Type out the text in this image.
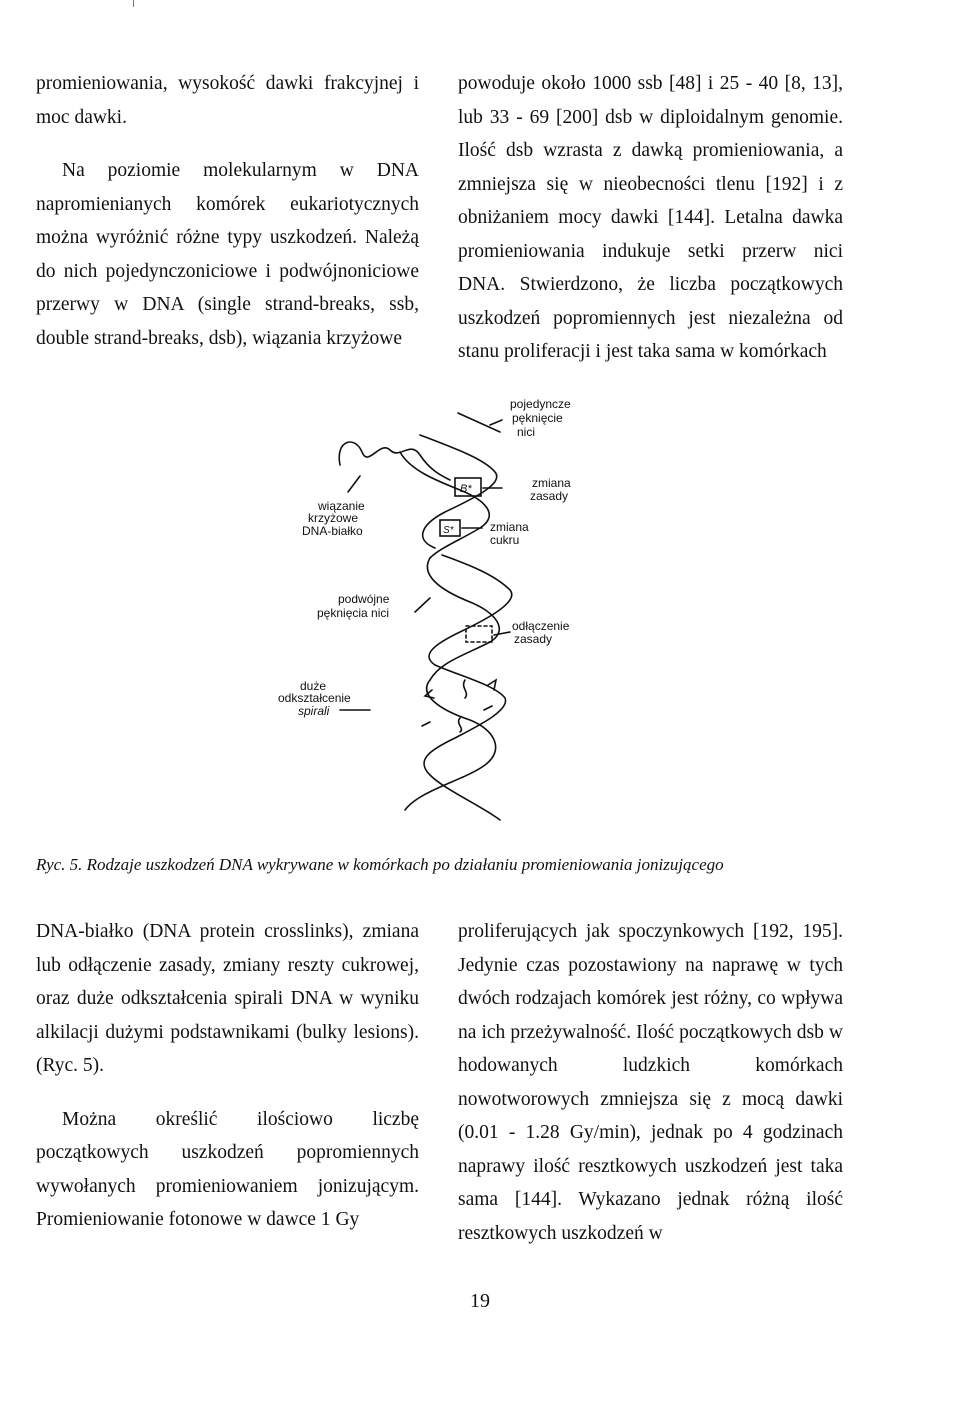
promieniowania, wysokość dawki frakcyjnej i moc dawki.

Na poziomie molekularnym w DNA napromienianych komórek eukariotycznych można wyróżnić różne typy uszkodzeń. Należą do nich pojedynczoniciowe i podwójnoniciowe przerwy w DNA (single strand-breaks, ssb, double strand-breaks, dsb), wiązania krzyżowe

powoduje około 1000 ssb [48] i 25 - 40 [8, 13], lub 33 - 69 [200] dsb w diploidalnym genomie. Ilość dsb wzrasta z dawką promieniowania, a zmniejsza się w nieobecności tlenu [192] i z obniżaniem mocy dawki [144]. Letalna dawka promieniowania indukuje setki przerw nici DNA. Stwierdzono, że liczba początkowych uszkodzeń popromiennych jest niezależna od stanu proliferacji i jest taka sama w komórkach

pojedyncze
pęknięcie
nici
zmiana
zasady
zmiana
cukru
wiązanie
krzyżowe
DNA-białko
podwójne
pęknięcia nici
odłączenie
zasady
duże
odkształcenie
spirali
B*
S*
Ryc. 5. Rodzaje uszkodzeń DNA wykrywane w komórkach po działaniu promieniowania jonizującego

DNA-białko (DNA protein crosslinks), zmiana lub odłączenie zasady, zmiany reszty cukrowej, oraz duże odkształcenia spirali DNA w wyniku alkilacji dużymi podstawnikami (bulky lesions). (Ryc. 5).

Można określić ilościowo liczbę początkowych uszkodzeń popromiennych wywołanych promieniowaniem jonizującym. Promieniowanie fotonowe w dawce 1 Gy

proliferujących jak spoczynkowych [192, 195]. Jedynie czas pozostawiony na naprawę w tych dwóch rodzajach komórek jest różny, co wpływa na ich przeżywalność. Ilość początkowych dsb w hodowanych ludzkich komórkach nowotworowych zmniejsza się z mocą dawki (0.01 - 1.28 Gy/min), jednak po 4 godzinach naprawy ilość resztkowych uszkodzeń jest taka sama [144]. Wykazano jednak różną ilość resztkowych uszkodzeń w

19
